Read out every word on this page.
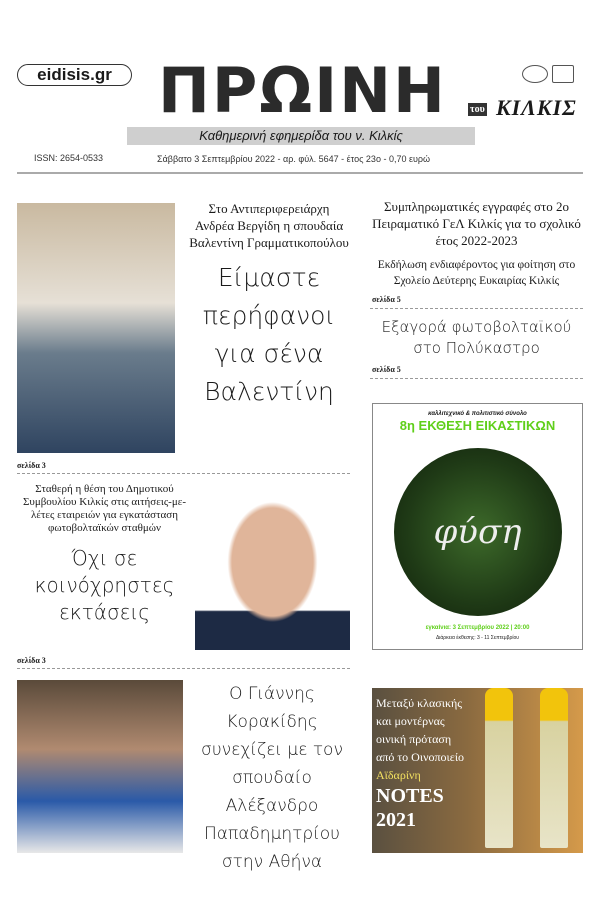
eidisis.gr ΠΡΩΙΝΗ	του ΚΙΛΚΙΣ
Καθημερινή εφημερίδα του ν. Κιλκίς
ISSN: 2654-0533	Σάββατο 3 Σεπτεμβρίου 2022 - αρ. φύλ. 5647 - έτος 23ο - 0,70 ευρώ
Στο Αντιπεριφερειάρχη Ανδρέα Βεργίδη η σπουδαία Βαλεντίνη Γραμματικοπούλου
Είμαστε περήφανοι για σένα Βαλεντίνη
σελίδα 3
Σταθερή η θέση του Δημοτικού Συμβουλίου Κιλκίς στις αιτήσεις-με-λέτες εταιρειών για εγκατάσταση φωτοβολταϊκών σταθμών
Όχι σε κοινόχρηστες εκτάσεις
σελίδα 3
Ο Γιάννης Κορακίδης συνεχίζει με τον σπουδαίο Αλέξανδρο Παπαδημητρίου στην Αθήνα
Συμπληρωματικές εγγραφές στο 2ο Πειραματικό ΓεΛ Κιλκίς για το σχολικό έτος 2022-2023
Εκδήλωση ενδιαφέροντος για φοίτηση στο Σχολείο Δεύτερης Ευκαιρίας Κιλκίς
σελίδα 5
Εξαγορά φωτοβολταϊκού στο Πολύκαστρο
σελίδα 5
καλλιτεχνικό & πολιτιστικό σύνολο
8η ΕΚΘΕΣΗ ΕΙΚΑΣΤΙΚΩΝ
φύση
εγκαίνια: 3 Σεπτεμβρίου 2022 | 20:00
Διάρκεια έκθεσης: 3 - 11 Σεπτεμβρίου
Μεταξύ κλασικής
και μοντέρνας
οινική πρόταση
από το Οινοποιείο
Αϊδαρίνη
NOTES
2021
